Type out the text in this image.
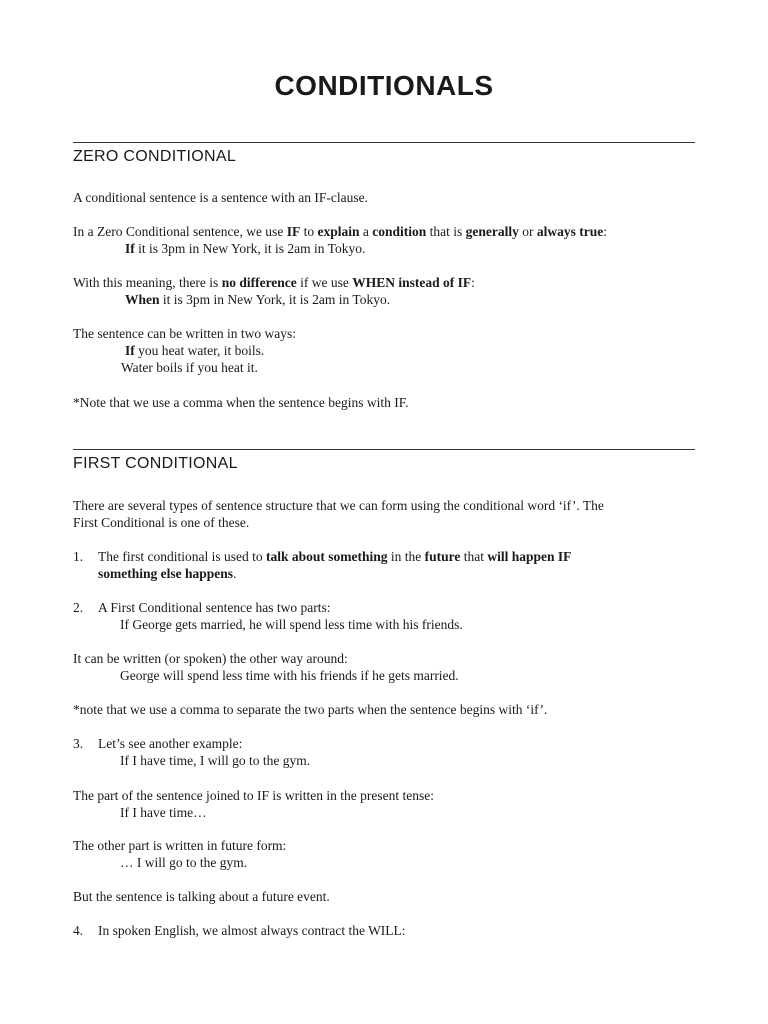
CONDITIONALS
ZERO CONDITIONAL

A conditional sentence is a sentence with an IF-clause.

In a Zero Conditional sentence, we use IF to explain a condition that is generally or always true:

If it is 3pm in New York, it is 2am in Tokyo.

With this meaning, there is no difference if we use WHEN instead of IF:

When it is 3pm in New York, it is 2am in Tokyo.

The sentence can be written in two ways:

If you heat water, it boils.

Water boils if you heat it.

*Note that we use a comma when the sentence begins with IF.

FIRST CONDITIONAL

There are several types of sentence structure that we can form using the conditional word ‘if’. The

First Conditional is one of these.

1. The first conditional is used to talk about something in the future that will happen IF

something else happens.

2. A First Conditional sentence has two parts:

If George gets married, he will spend less time with his friends.

It can be written (or spoken) the other way around:

George will spend less time with his friends if he gets married.

*note that we use a comma to separate the two parts when the sentence begins with ‘if’.

3. Let’s see another example:

If I have time, I will go to the gym.

The part of the sentence joined to IF is written in the present tense:

If I have time…

The other part is written in future form:

… I will go to the gym.

But the sentence is talking about a future event.

4. In spoken English, we almost always contract the WILL:
